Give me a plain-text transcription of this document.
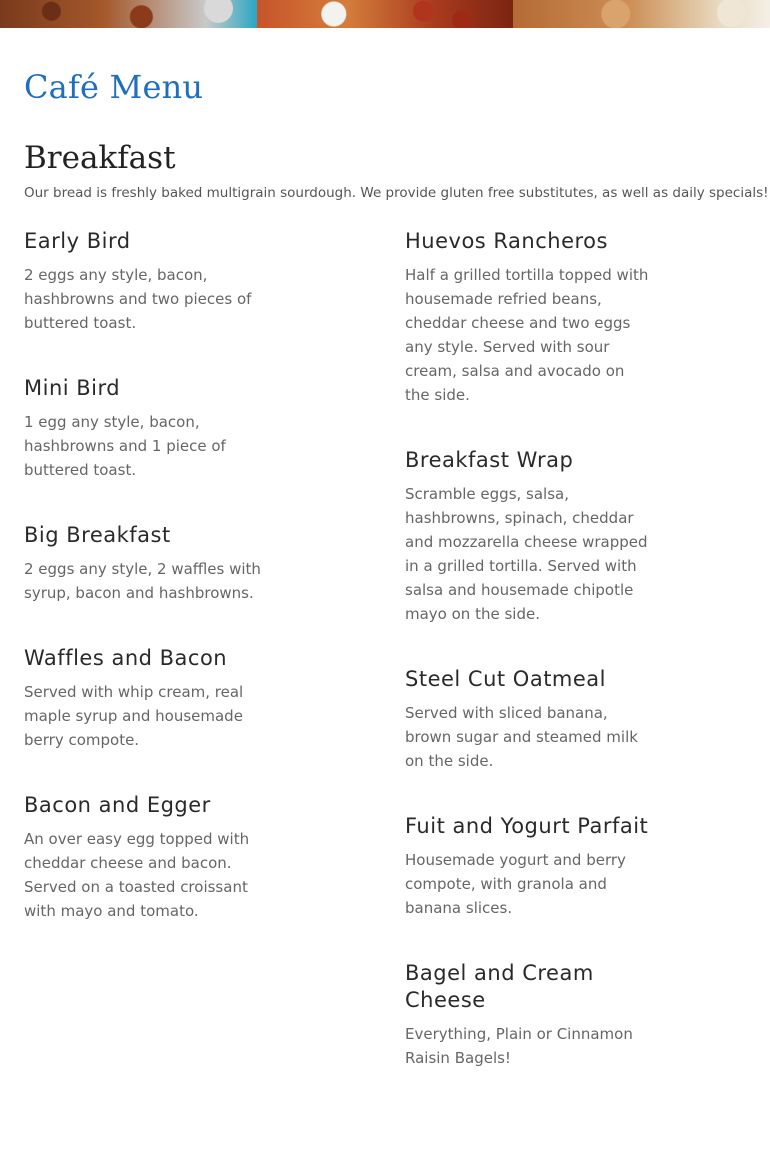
Café Menu
Breakfast

Our bread is freshly baked multigrain sourdough. We provide gluten free substitutes, as well as daily specials!

Early Bird

2 eggs any style, bacon, hashbrowns and two pieces of buttered toast.

Mini Bird

1 egg any style, bacon, hashbrowns and 1 piece of buttered toast.

Big Breakfast

2 eggs any style, 2 waffles with syrup, bacon and hashbrowns.

Waffles and Bacon

Served with whip cream, real maple syrup and housemade berry compote.

Bacon and Egger

An over easy egg topped with cheddar cheese and bacon. Served on a toasted croissant with mayo and tomato.

Huevos Rancheros

Half a grilled tortilla topped with housemade refried beans, cheddar cheese and two eggs any style. Served with sour cream, salsa and avocado on the side.

Breakfast Wrap

Scramble eggs, salsa, hashbrowns, spinach, cheddar and mozzarella cheese wrapped in a grilled tortilla. Served with salsa and housemade chipotle mayo on the side.

Steel Cut Oatmeal

Served with sliced banana, brown sugar and steamed milk on the side.

Fuit and Yogurt Parfait

Housemade yogurt and berry compote, with granola and banana slices.

Bagel and Cream Cheese

Everything, Plain or Cinnamon Raisin Bagels!
